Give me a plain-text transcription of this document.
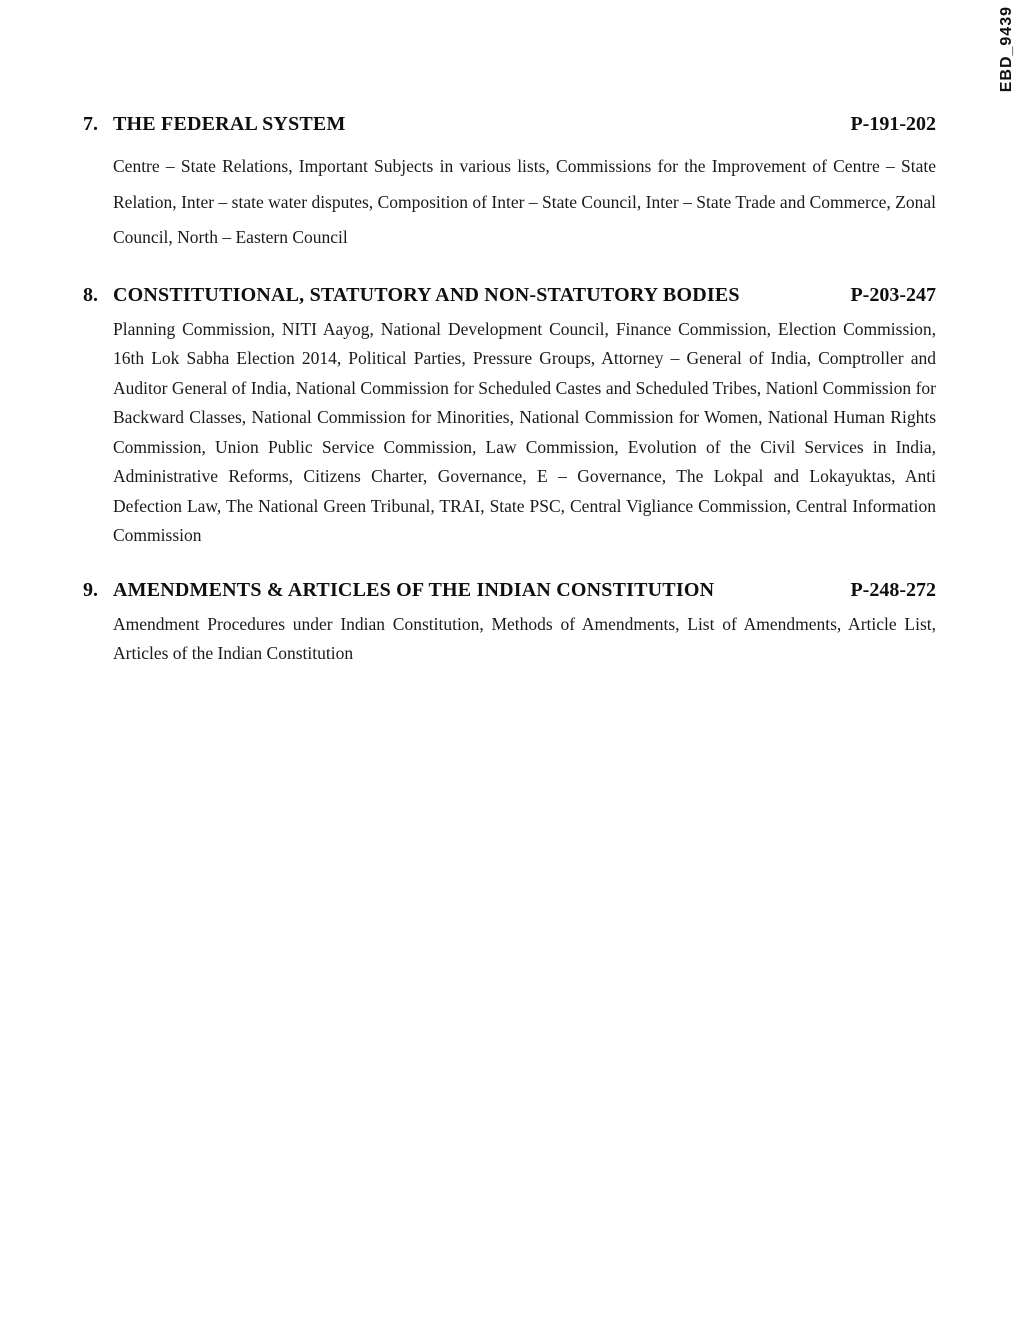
EBD_9439
7. THE FEDERAL SYSTEM	P-191-202
Centre – State Relations, Important Subjects in various lists, Commissions for the Improvement of Centre – State Relation, Inter – state water disputes, Composition of Inter – State Council, Inter – State Trade and Commerce, Zonal Council, North – Eastern Council
8. CONSTITUTIONAL, STATUTORY AND NON-STATUTORY BODIES	P-203-247
Planning Commission, NITI Aayog, National Development Council, Finance Commission, Election Commission, 16th Lok Sabha Election 2014, Political Parties, Pressure Groups, Attorney – General of India, Comptroller and Auditor General of India, National Commission for Scheduled Castes and Scheduled Tribes, Nationl Commission for Backward Classes, National Commission for Minorities, National Commission for Women, National Human Rights Commission, Union Public Service Commission, Law Commission, Evolution of the Civil Services in India, Administrative Reforms, Citizens Charter, Governance, E – Governance, The Lokpal and Lokayuktas, Anti Defection Law, The National Green Tribunal, TRAI, State PSC, Central Vigliance Commission, Central Information Commission
9. AMENDMENTS & ARTICLES OF THE INDIAN CONSTITUTION	P-248-272
Amendment Procedures under Indian Constitution, Methods of Amendments, List of Amendments, Article List, Articles of the Indian Constitution
